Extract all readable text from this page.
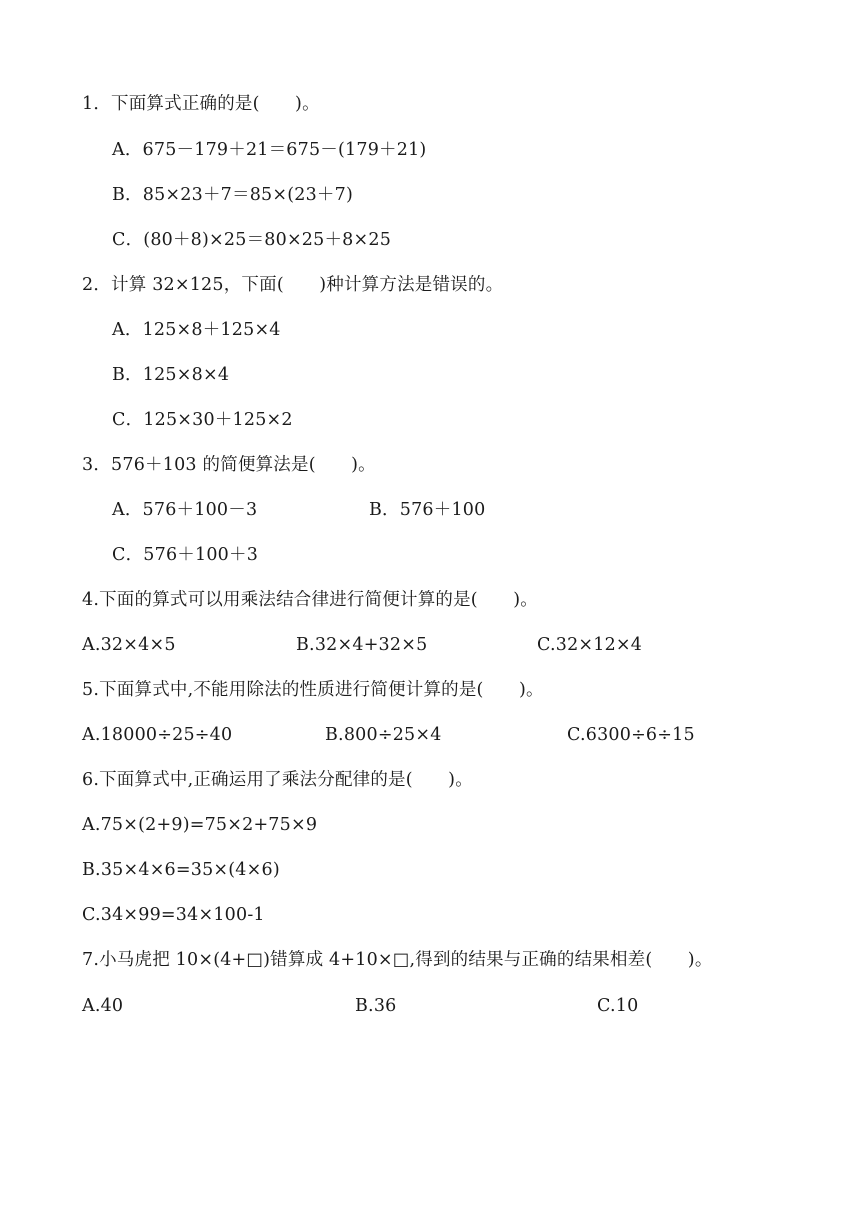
1．下面算式正确的是(　　)。
A．675－179＋21＝675－(179＋21)
B．85×23＋7＝85×(23＋7)
C．(80＋8)×25＝80×25＋8×25
2．计算 32×125，下面(　　)种计算方法是错误的。
A．125×8＋125×4
B．125×8×4
C．125×30＋125×2
3．576＋103 的简便算法是(　　)。
A．576＋100－3	B．576＋100
C．576＋100＋3
4.下面的算式可以用乘法结合律进行简便计算的是(　　)。
A.32×4×5	B.32×4+32×5	C.32×12×4
5.下面算式中,不能用除法的性质进行简便计算的是(　　)。
A.18000÷25÷40	B.800÷25×4	C.6300÷6÷15
6.下面算式中,正确运用了乘法分配律的是(　　)。
A.75×(2+9)=75×2+75×9
B.35×4×6=35×(4×6)
C.34×99=34×100-1
7.小马虎把 10×(4+□)错算成 4+10×□,得到的结果与正确的结果相差(　　)。
A.40	B.36	C.10
